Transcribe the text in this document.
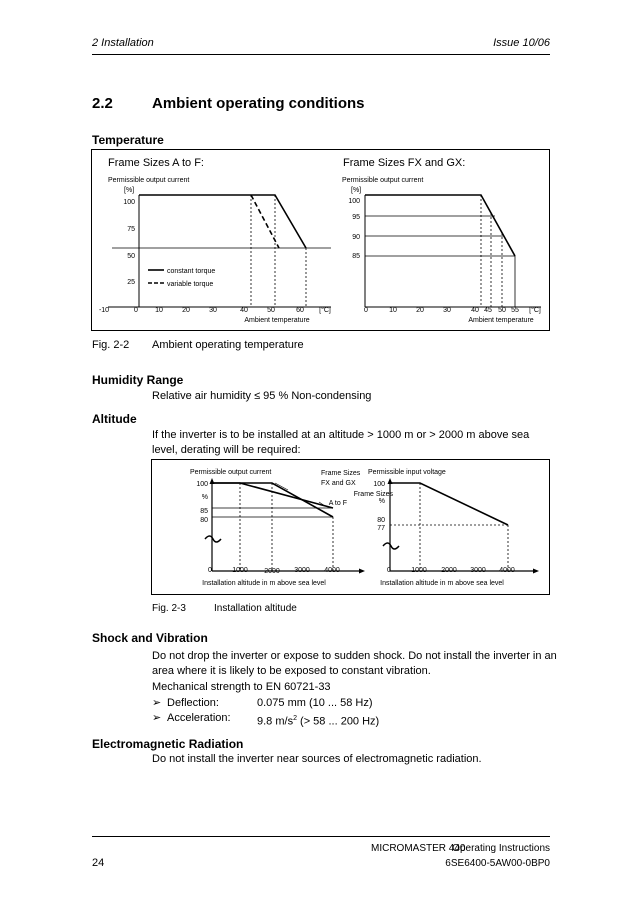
2 Installation	Issue 10/06
2.2	Ambient operating conditions
Temperature
Frame Sizes A to F:
Permissible output current
[%]
100
75
50
25
constant torque
variable torque
-10	0 10	20	30	40	50	60 [°C]
Ambient temperature
Frame Sizes FX and GX:
Permissible output current
[%]
100
95
90
85
0	10	20	30	40 45 50 55 [°C]
Ambient temperature
Fig. 2-2 Ambient operating temperature
Humidity Range
Relative air humidity ≤ 95 % Non-condensing
Altitude
If the inverter is to be installed at an altitude > 1000 m or > 2000 m above sea
level, derating will be required:
Permissible output current
100
%
85
80
Frame Sizes
FX and GX
Frame Sizes
A to F
0	1000 2000 3000 4000
Installation altitude in m above sea level
Permissible input voltage
100
%
80
77
0	1000 2000 3000 4000
Installation altitude in m above sea level
Fig. 2-3	Installation altitude
Shock and Vibration
Do not drop the inverter or expose to sudden shock. Do not install the inverter in an
area where it is likely to be exposed to constant vibration.
Mechanical strength to EN 60721-33
➢ Deflection:	0.075 mm (10 ... 58 Hz)
➢ Acceleration: 9.8 $m/s^2$ (> 58 ... 200 Hz)
Electromagnetic Radiation
Do not install the inverter near sources of electromagnetic radiation.
MICROMASTER 440
Operating Instructions
24	6SE6400-5AW00-0BP0
